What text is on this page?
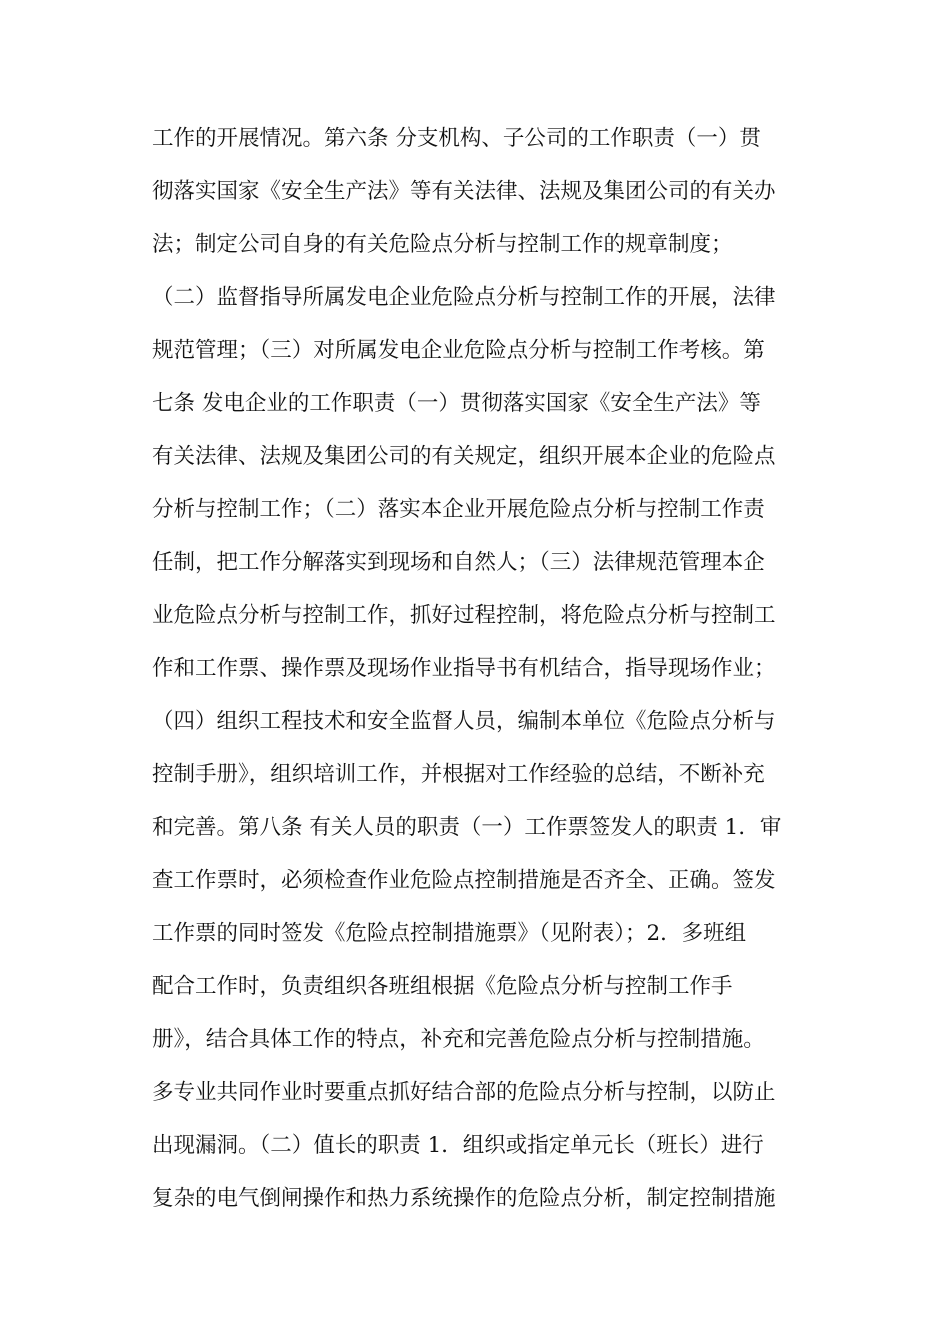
工作的开展情况。第六条 分支机构、子公司的工作职责（一）贯
彻落实国家《安全生产法》等有关法律、法规及集团公司的有关办
法；制定公司自身的有关危险点分析与控制工作的规章制度；
（二）监督指导所属发电企业危险点分析与控制工作的开展，法律
规范管理；（三）对所属发电企业危险点分析与控制工作考核。第
七条 发电企业的工作职责（一）贯彻落实国家《安全生产法》等
有关法律、法规及集团公司的有关规定，组织开展本企业的危险点
分析与控制工作；（二）落实本企业开展危险点分析与控制工作责
任制，把工作分解落实到现场和自然人；（三）法律规范管理本企
业危险点分析与控制工作，抓好过程控制，将危险点分析与控制工
作和工作票、操作票及现场作业指导书有机结合，指导现场作业；
（四）组织工程技术和安全监督人员，编制本单位《危险点分析与
控制手册》，组织培训工作，并根据对工作经验的总结，不断补充
和完善。第八条 有关人员的职责（一）工作票签发人的职责 1．审
查工作票时，必须检查作业危险点控制措施是否齐全、正确。签发
工作票的同时签发《危险点控制措施票》（见附表）；2．多班组
配合工作时，负责组织各班组根据《危险点分析与控制工作手
册》，结合具体工作的特点，补充和完善危险点分析与控制措施。
多专业共同作业时要重点抓好结合部的危险点分析与控制，以防止
出现漏洞。（二）值长的职责 1．组织或指定单元长（班长）进行
复杂的电气倒闸操作和热力系统操作的危险点分析，制定控制措施
